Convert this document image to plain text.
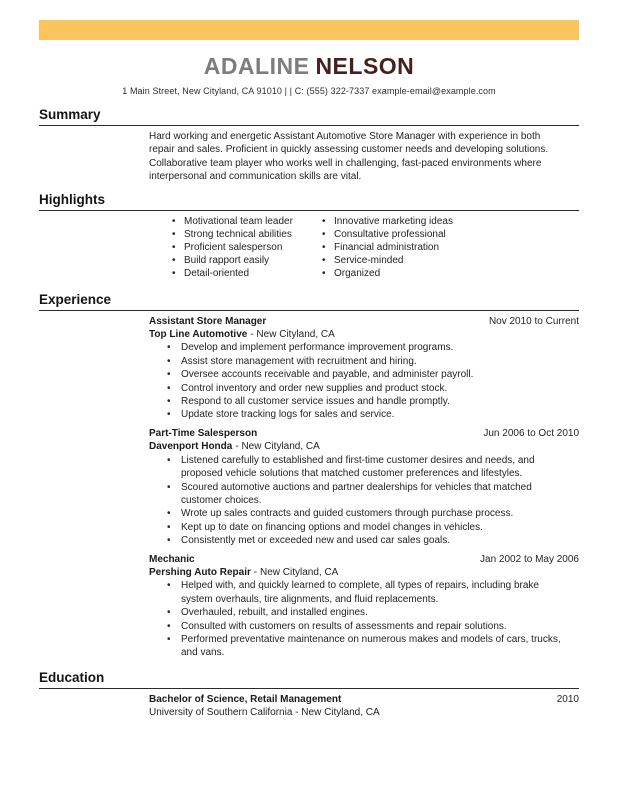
ADALINE NELSON
1 Main Street, New Cityland, CA 91010 | | C: (555) 322-7337 example-email@example.com
Summary

Hard working and energetic Assistant Automotive Store Manager with experience in both repair and sales. Proficient in quickly assessing customer needs and developing solutions. Collaborative team player who works well in challenging, fast-paced environments where interpersonal and communication skills are vital.

Highlights
• Motivational team leader
• Strong technical abilities
• Proficient salesperson
• Build rapport easily
• Detail-oriented
• Innovative marketing ideas
• Consultative professional
• Financial administration
• Service-minded
• Organized
Experience
Assistant Store Manager	Nov 2010 to Current
Top Line Automotive - New Cityland, CA
• Develop and implement performance improvement programs.
• Assist store management with recruitment and hiring.
• Oversee accounts receivable and payable, and administer payroll.
• Control inventory and order new supplies and product stock.
• Respond to all customer service issues and handle promptly.
• Update store tracking logs for sales and service.
Part-Time Salesperson	Jun 2006 to Oct 2010
Davenport Honda - New Cityland, CA
• Listened carefully to established and first-time customer desires and needs, and proposed vehicle solutions that matched customer preferences and lifestyles.
• Scoured automotive auctions and partner dealerships for vehicles that matched customer choices.
• Wrote up sales contracts and guided customers through purchase process.
• Kept up to date on financing options and model changes in vehicles.
• Consistently met or exceeded new and used car sales goals.
Mechanic	Jan 2002 to May 2006
Pershing Auto Repair - New Cityland, CA
• Helped with, and quickly learned to complete, all types of repairs, including brake system overhauls, tire alignments, and fluid replacements.
• Overhauled, rebuilt, and installed engines.
• Consulted with customers on results of assessments and repair solutions.
• Performed preventative maintenance on numerous makes and models of cars, trucks, and vans.
Education
Bachelor of Science, Retail Management	2010
University of Southern California - New Cityland, CA
